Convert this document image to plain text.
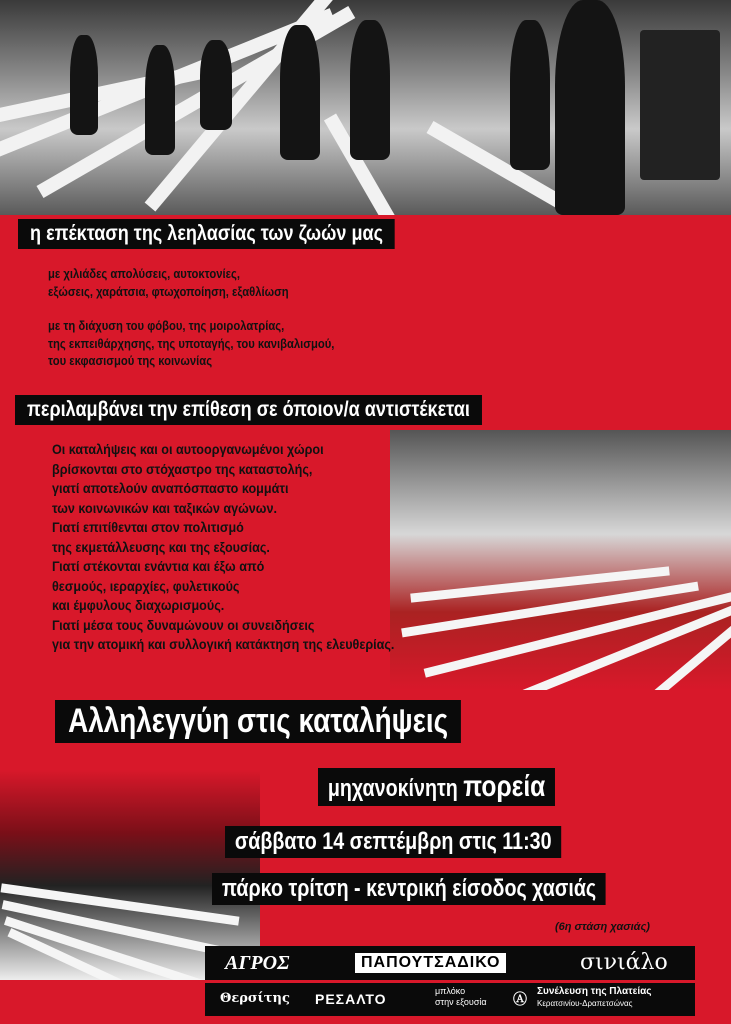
η επέκταση της λεηλασίας των ζωών μας
με χιλιάδες απολύσεις, αυτοκτονίες,
εξώσεις, χαράτσια, φτωχοποίηση, εξαθλίωση
με τη διάχυση του φόβου, της μοιρολατρίας,
της εκπειθάρχησης, της υποταγής, του κανιβαλισμού,
του εκφασισμού της κοινωνίας
περιλαμβάνει την επίθεση σε όποιον/α αντιστέκεται
Οι καταλήψεις και οι αυτοοργανωμένοι χώροι
βρίσκονται στο στόχαστρο της καταστολής,
γιατί αποτελούν αναπόσπαστο κομμάτι
των κοινωνικών και ταξικών αγώνων.
Γιατί επιτίθενται στον πολιτισμό
της εκμετάλλευσης και της εξουσίας.
Γιατί στέκονται ενάντια και έξω από
θεσμούς, ιεραρχίες, φυλετικούς
και έμφυλους διαχωρισμούς.
Γιατί μέσα τους δυναμώνουν οι συνειδήσεις
για την ατομική και συλλογική κατάκτηση της ελευθερίας.
Αλληλεγγύη στις καταλήψεις
μηχανοκίνητη πορεία
σάββατο 14 σεπτέμβρη στις 11:30
πάρκο τρίτση - κεντρική είσοδος χασιάς
(6η στάση χασιάς)
ΑΓΡΟΣ	ΠΑΠΟΥΤΣΑΔΙΚΟ	σινιάλο
Θερσίτης ΡΕΣΑΛΤΟ	μπλόκο
στην εξουσία Ⓐ Συνέλευση της Πλατείας
Κερατσινίου-Δραπετσώνας
